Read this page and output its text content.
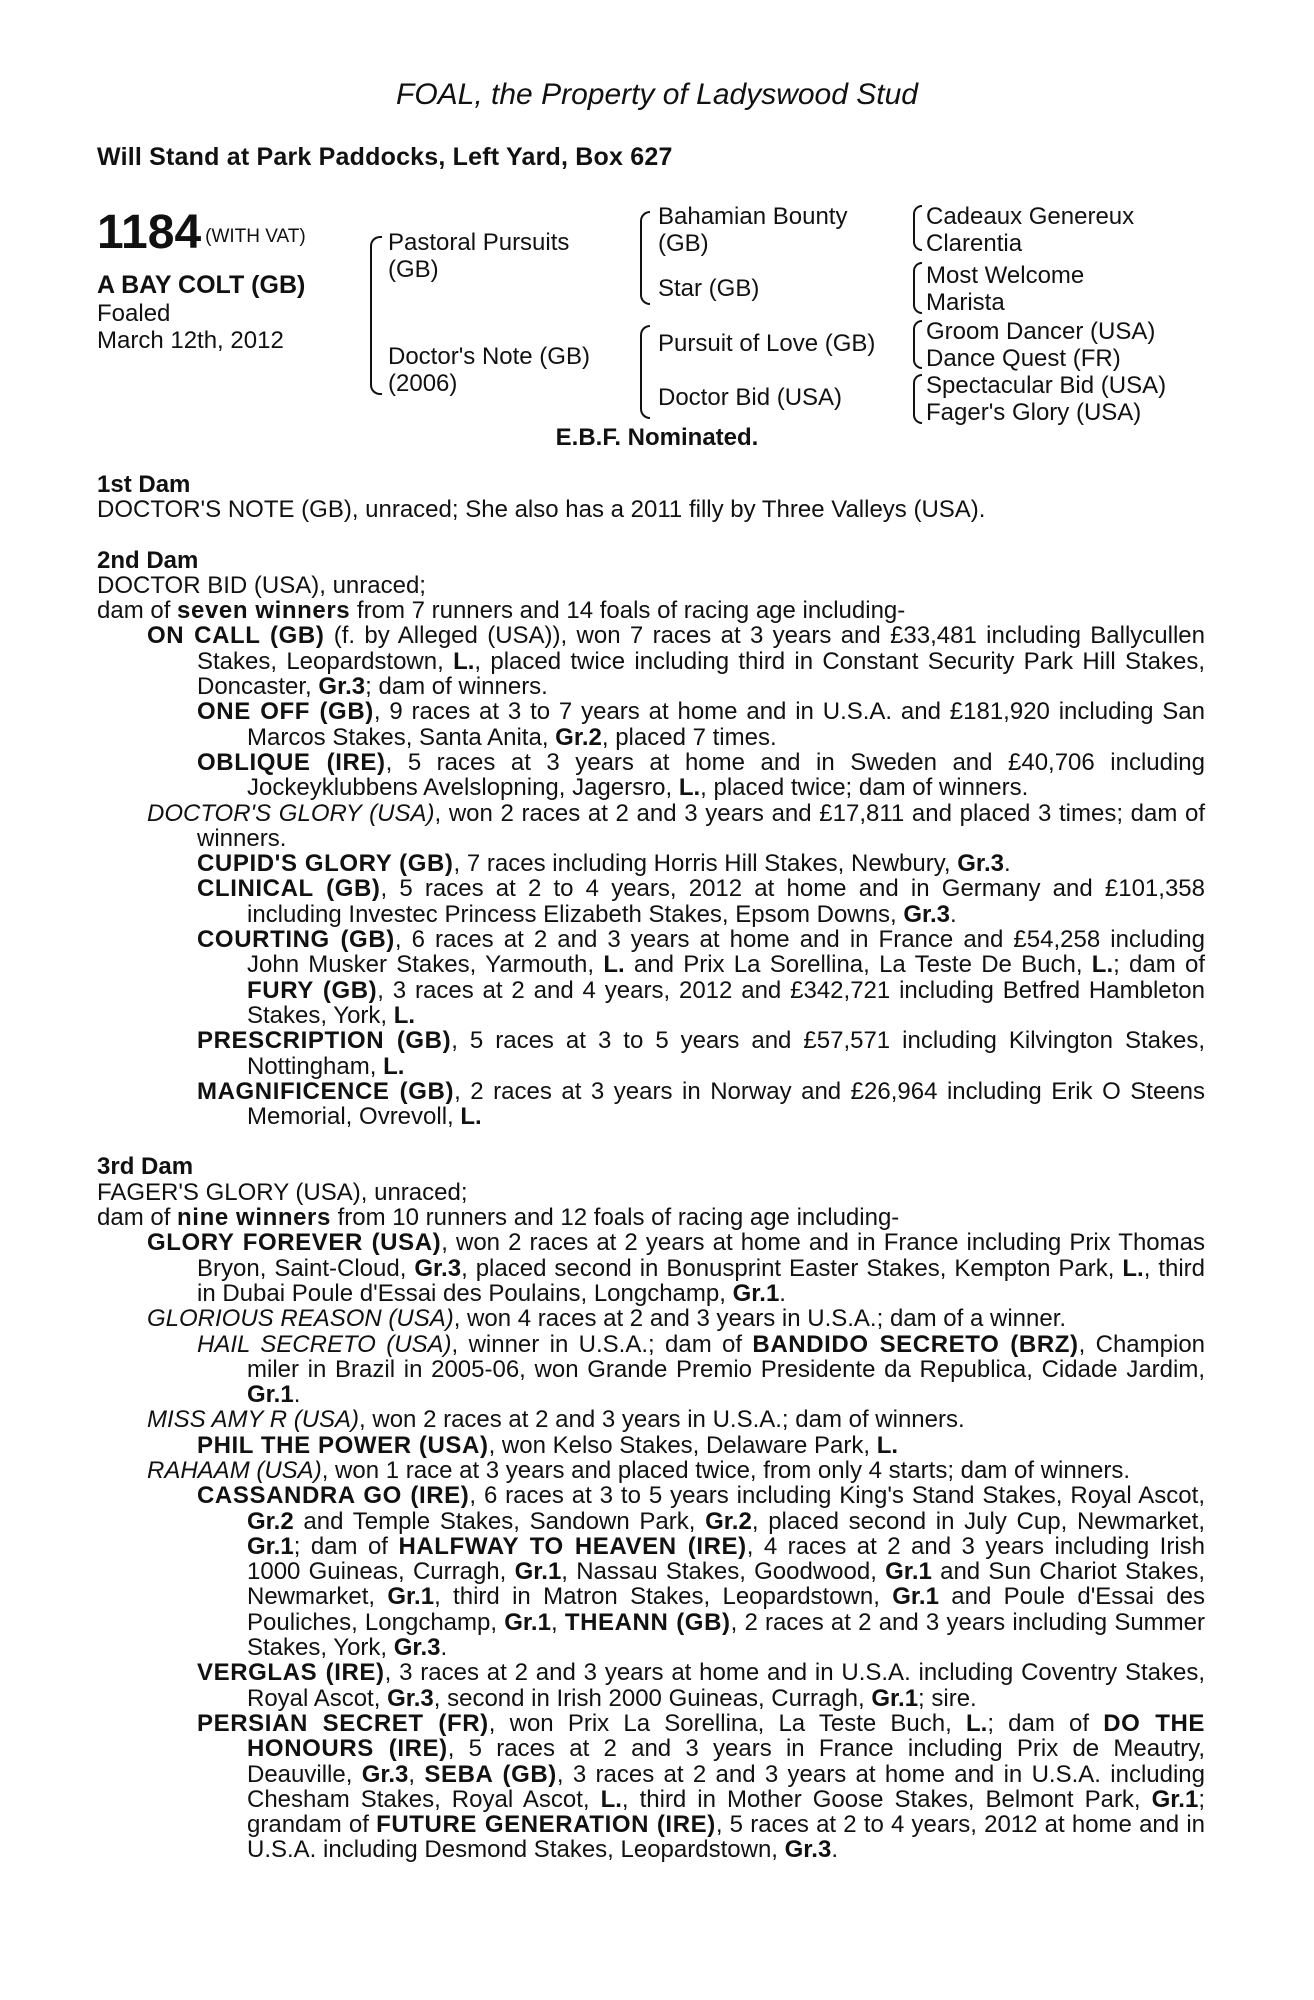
FOAL, the Property of Ladyswood Stud
Will Stand at Park Paddocks, Left Yard, Box 627
1184 (WITH VAT)
A BAY COLT (GB)
Foaled
March 12th, 2012
Pastoral Pursuits
(GB)
Doctor's Note (GB)
(2006)
Bahamian Bounty
(GB)
Star (GB)
Pursuit of Love (GB)
Doctor Bid (USA)
Cadeaux Genereux
Clarentia
Most Welcome
Marista
Groom Dancer (USA)
Dance Quest (FR)
Spectacular Bid (USA)
Fager's Glory (USA)
E.B.F. Nominated.

1st Dam

DOCTOR'S NOTE (GB), unraced; She also has a 2011 filly by Three Valleys (USA).

2nd Dam

DOCTOR BID (USA), unraced;

dam of seven winners from 7 runners and 14 foals of racing age including-

ON CALL (GB) (f. by Alleged (USA)), won 7 races at 3 years and £33,481 including Ballycullen Stakes, Leopardstown, L., placed twice including third in Constant Security Park Hill Stakes, Doncaster, Gr.3; dam of winners.

ONE OFF (GB), 9 races at 3 to 7 years at home and in U.S.A. and £181,920 including San Marcos Stakes, Santa Anita, Gr.2, placed 7 times.

OBLIQUE (IRE), 5 races at 3 years at home and in Sweden and £40,706 including Jockeyklubbens Avelslopning, Jagersro, L., placed twice; dam of winners.

DOCTOR'S GLORY (USA), won 2 races at 2 and 3 years and £17,811 and placed 3 times; dam of winners.

CUPID'S GLORY (GB), 7 races including Horris Hill Stakes, Newbury, Gr.3.

CLINICAL (GB), 5 races at 2 to 4 years, 2012 at home and in Germany and £101,358 including Investec Princess Elizabeth Stakes, Epsom Downs, Gr.3.

COURTING (GB), 6 races at 2 and 3 years at home and in France and £54,258 including John Musker Stakes, Yarmouth, L. and Prix La Sorellina, La Teste De Buch, L.; dam of FURY (GB), 3 races at 2 and 4 years, 2012 and £342,721 including Betfred Hambleton Stakes, York, L.

PRESCRIPTION (GB), 5 races at 3 to 5 years and £57,571 including Kilvington Stakes, Nottingham, L.

MAGNIFICENCE (GB), 2 races at 3 years in Norway and £26,964 including Erik O Steens Memorial, Ovrevoll, L.

3rd Dam

FAGER'S GLORY (USA), unraced;

dam of nine winners from 10 runners and 12 foals of racing age including-

GLORY FOREVER (USA), won 2 races at 2 years at home and in France including Prix Thomas Bryon, Saint-Cloud, Gr.3, placed second in Bonusprint Easter Stakes, Kempton Park, L., third in Dubai Poule d'Essai des Poulains, Longchamp, Gr.1.

GLORIOUS REASON (USA), won 4 races at 2 and 3 years in U.S.A.; dam of a winner.

HAIL SECRETO (USA), winner in U.S.A.; dam of BANDIDO SECRETO (BRZ), Champion miler in Brazil in 2005-06, won Grande Premio Presidente da Republica, Cidade Jardim, Gr.1.

MISS AMY R (USA), won 2 races at 2 and 3 years in U.S.A.; dam of winners.

PHIL THE POWER (USA), won Kelso Stakes, Delaware Park, L.

RAHAAM (USA), won 1 race at 3 years and placed twice, from only 4 starts; dam of winners.

CASSANDRA GO (IRE), 6 races at 3 to 5 years including King's Stand Stakes, Royal Ascot, Gr.2 and Temple Stakes, Sandown Park, Gr.2, placed second in July Cup, Newmarket, Gr.1; dam of HALFWAY TO HEAVEN (IRE), 4 races at 2 and 3 years including Irish 1000 Guineas, Curragh, Gr.1, Nassau Stakes, Goodwood, Gr.1 and Sun Chariot Stakes, Newmarket, Gr.1, third in Matron Stakes, Leopardstown, Gr.1 and Poule d'Essai des Pouliches, Longchamp, Gr.1, THEANN (GB), 2 races at 2 and 3 years including Summer Stakes, York, Gr.3.

VERGLAS (IRE), 3 races at 2 and 3 years at home and in U.S.A. including Coventry Stakes, Royal Ascot, Gr.3, second in Irish 2000 Guineas, Curragh, Gr.1; sire.

PERSIAN SECRET (FR), won Prix La Sorellina, La Teste Buch, L.; dam of DO THE HONOURS (IRE), 5 races at 2 and 3 years in France including Prix de Meautry, Deauville, Gr.3, SEBA (GB), 3 races at 2 and 3 years at home and in U.S.A. including Chesham Stakes, Royal Ascot, L., third in Mother Goose Stakes, Belmont Park, Gr.1; grandam of FUTURE GENERATION (IRE), 5 races at 2 to 4 years, 2012 at home and in U.S.A. including Desmond Stakes, Leopardstown, Gr.3.
